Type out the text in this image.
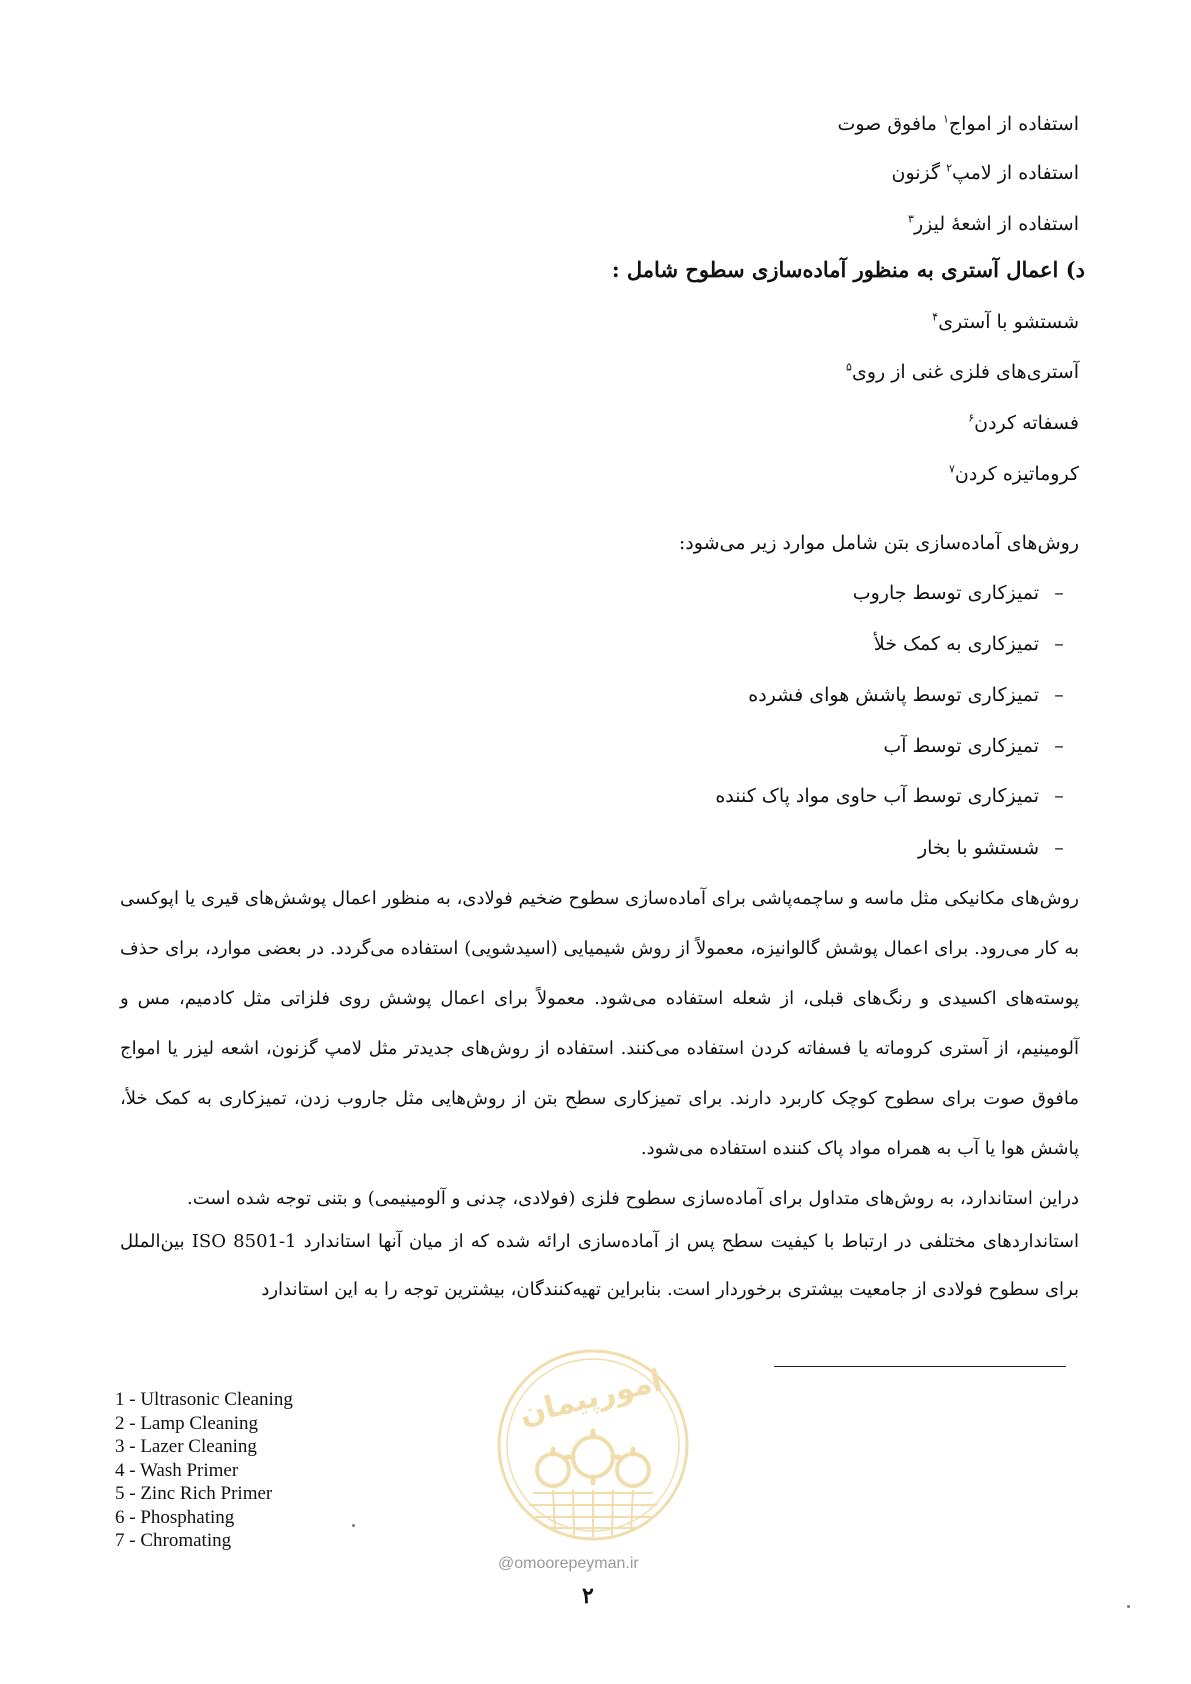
استفاده از امواج$^۱$ مافوق صوت
استفاده از لامپ$^۲$ گزنون
استفاده از اشعهٔ لیزر$^۳$
د) اعمال آستری به منظور آماده‌سازی سطوح شامل :
شستشو با آستری$^۴$
آستری‌های فلزی غنی از روی$^۵$
فسفاته کردن$^۶$
کروماتیزه کردن$^۷$
روش‌های آماده‌سازی بتن شامل موارد زیر می‌شود:
–تمیزکاری توسط جاروب
–تمیزکاری به کمک خلأ
–تمیزکاری توسط پاشش هوای فشرده
–تمیزکاری توسط آب
–تمیزکاری توسط آب حاوی مواد پاک کننده
–شستشو با بخار
روش‌های مکانیکی مثل ماسه و ساچمه‌پاشی برای آماده‌سازی سطوح ضخیم فولادی، به منظور اعمال پوشش‌های قیری یا اپوکسی به کار می‌رود. برای اعمال پوشش گالوانیزه، معمولاً از روش شیمیایی (اسیدشویی) استفاده می‌گردد. در بعضی موارد، برای حذف پوسته‌های اکسیدی و رنگ‌های قبلی، از شعله استفاده می‌شود. معمولاً برای اعمال پوشش روی فلزاتی مثل کادمیم، مس و آلومینیم، از آستری کروماته یا فسفاته کردن استفاده می‌کنند. استفاده از روش‌های جدیدتر مثل لامپ گزنون، اشعه لیزر یا امواج مافوق صوت برای سطوح کوچک کاربرد دارند. برای تمیزکاری سطح بتن از روش‌هایی مثل جاروب زدن، تمیزکاری به کمک خلأ، پاشش هوا یا آب به همراه مواد پاک کننده استفاده می‌شود.
دراین استاندارد، به روش‌های متداول برای آماده‌سازی سطوح فلزی (فولادی، چدنی و آلومینیمی) و بتنی توجه شده است.
استانداردهای مختلفی در ارتباط با کیفیت سطح پس از آماده‌سازی ارائه شده که از میان آنها استاندارد ISO 8501-1 بین‌الملل برای سطوح فولادی از جامعیت بیشتری برخوردار است. بنابراین تهیه‌کنندگان، بیشترین توجه را به این استاندارد
1 - Ultrasonic Cleaning
2 - Lamp Cleaning
3 - Lazer Cleaning
4 - Wash Primer
5 - Zinc Rich Primer
6 - Phosphating
7 - Chromating
امورپیمان
@omoorepeyman.ir
۲
